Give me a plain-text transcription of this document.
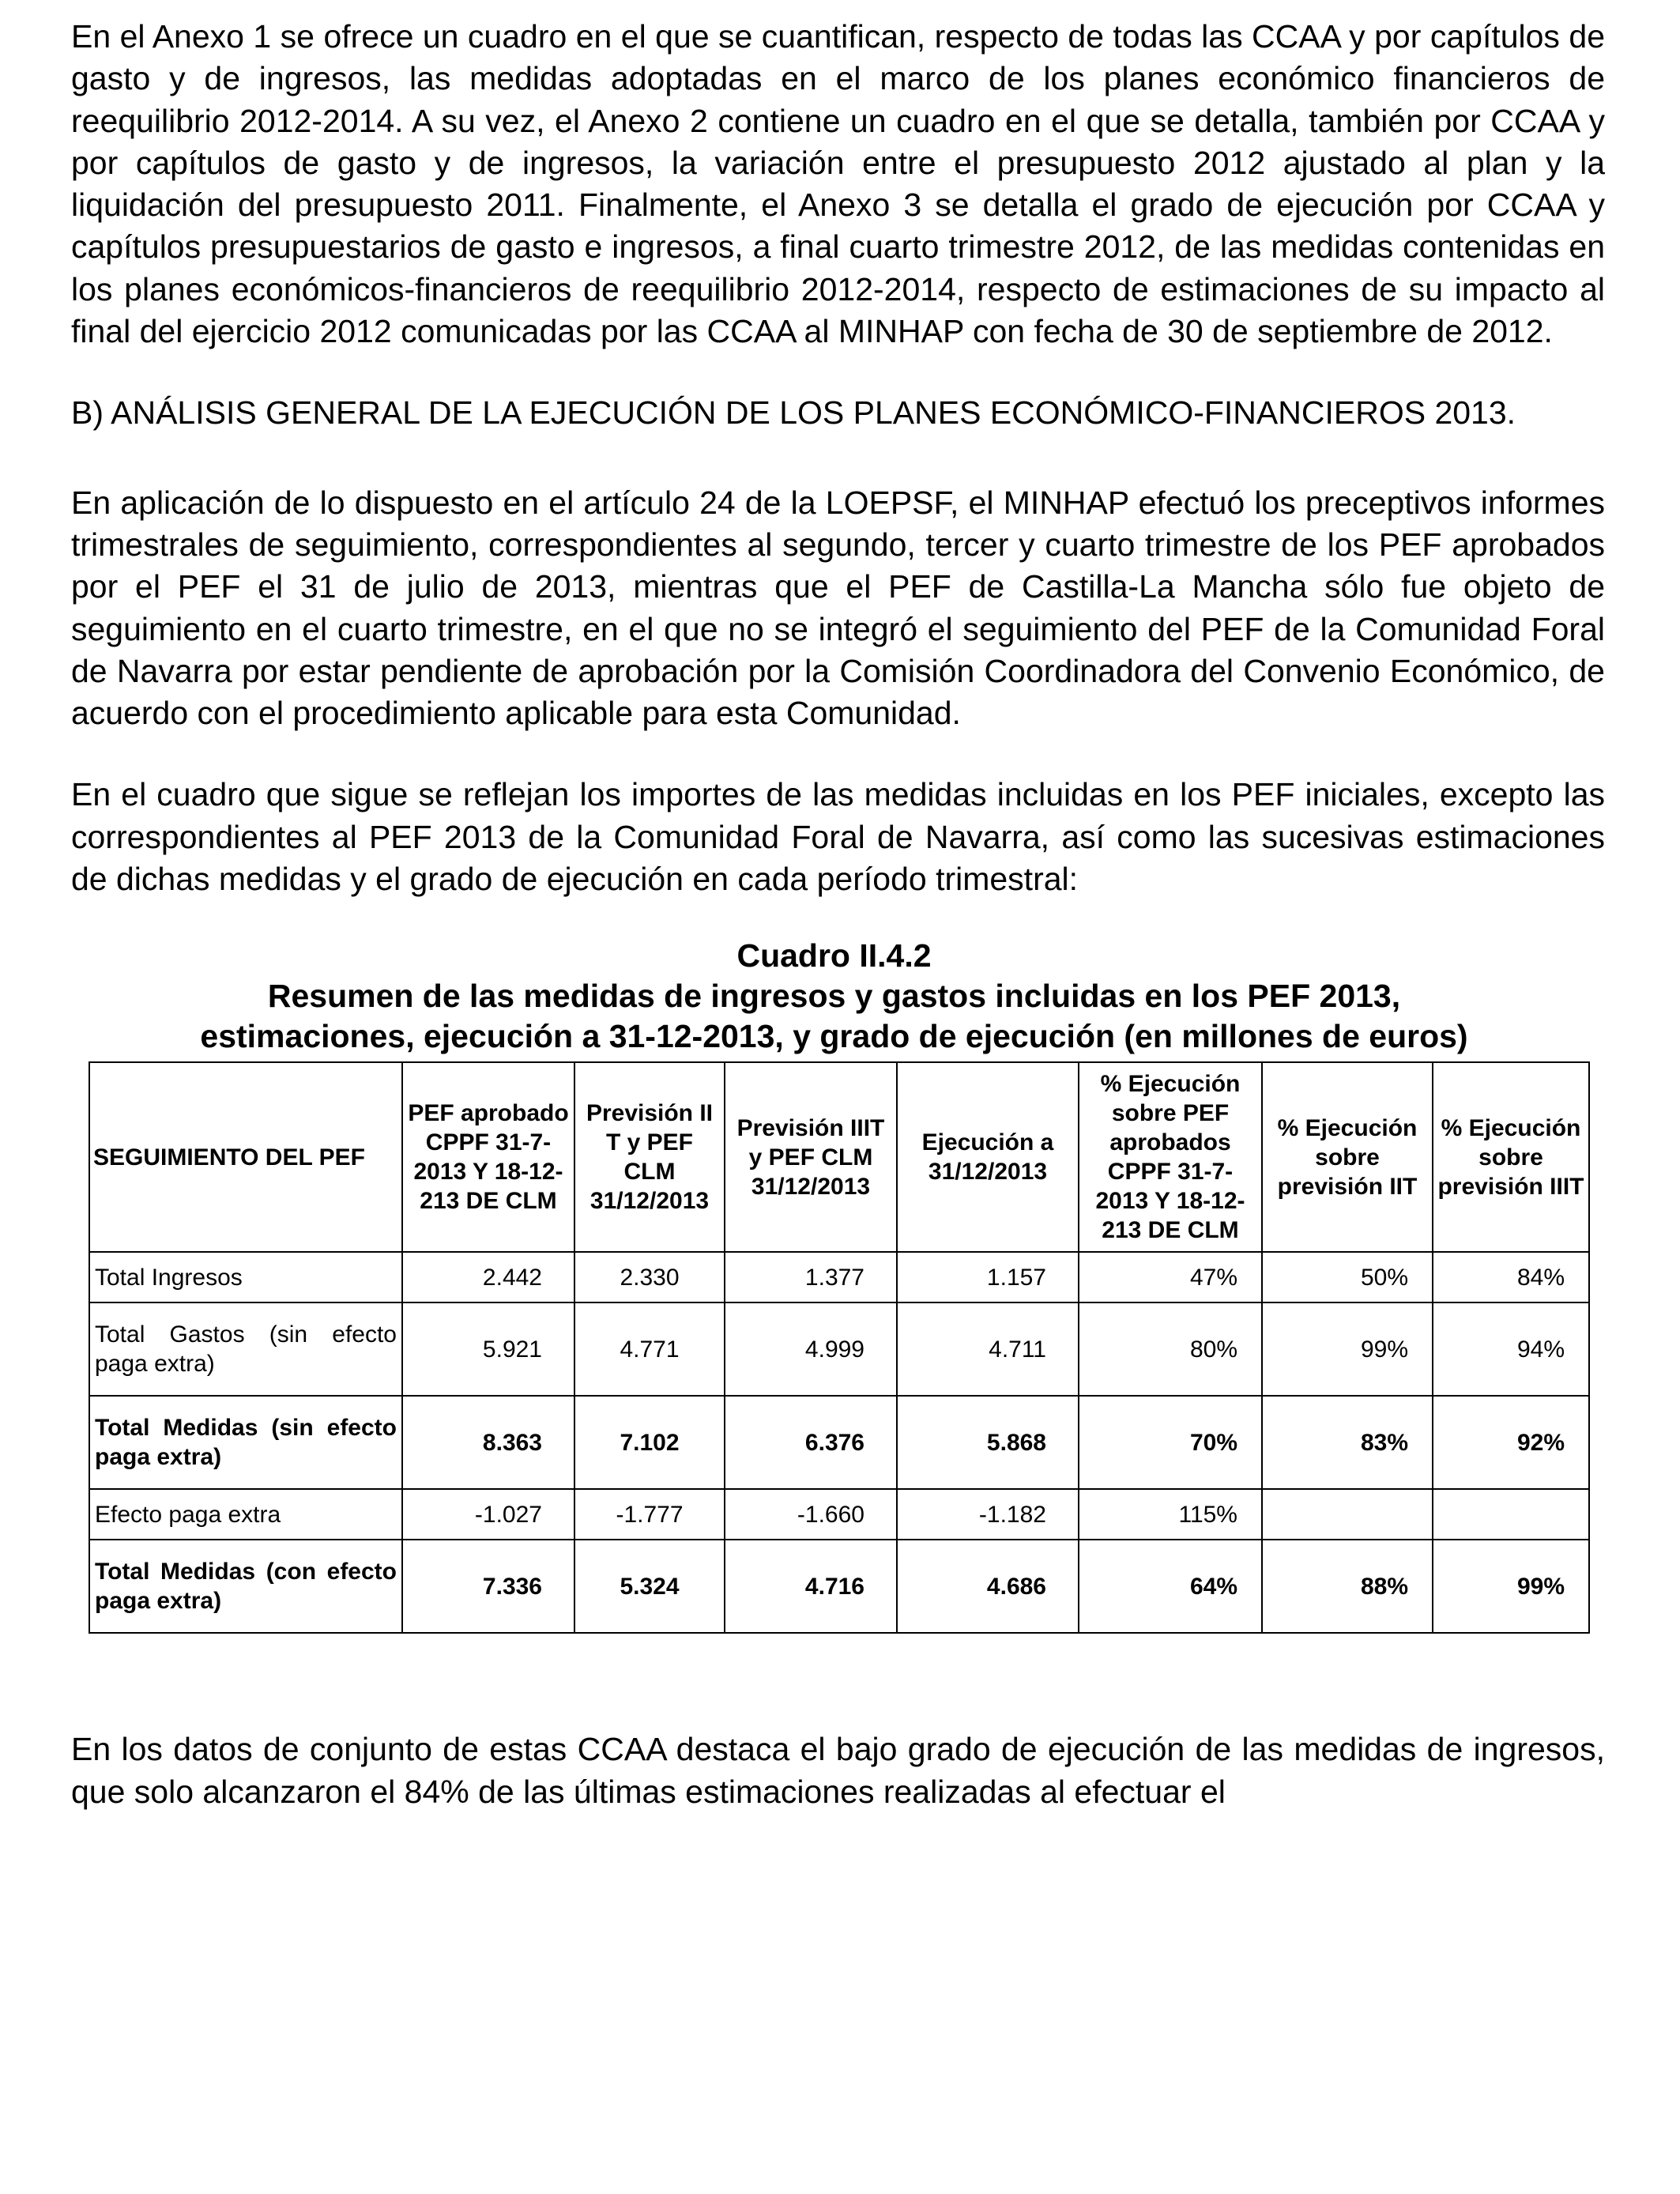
En el Anexo 1 se ofrece un cuadro en el que se cuantifican, respecto de todas las CCAA y por capítulos de gasto y de ingresos, las medidas adoptadas en el marco de los planes económico financieros de reequilibrio 2012-2014. A su vez, el Anexo 2 contiene un cuadro en el que se detalla, también por CCAA y por capítulos de gasto y de ingresos, la variación entre el presupuesto 2012 ajustado al plan y la liquidación del presupuesto 2011. Finalmente, el Anexo 3 se detalla el grado de ejecución por CCAA y capítulos presupuestarios de gasto e ingresos, a final cuarto trimestre 2012, de las medidas contenidas en los planes económicos-financieros de reequilibrio 2012-2014, respecto de estimaciones de su impacto al final del ejercicio 2012 comunicadas por las CCAA al MINHAP con fecha de 30 de septiembre de 2012.

B) ANÁLISIS GENERAL DE LA EJECUCIÓN DE LOS PLANES ECONÓMICO-FINANCIEROS 2013.

En aplicación de lo dispuesto en el artículo 24 de la LOEPSF, el MINHAP efectuó los preceptivos informes trimestrales de seguimiento, correspondientes al segundo, tercer y cuarto trimestre de los PEF aprobados por el PEF el 31 de julio de 2013, mientras que el PEF de Castilla-La Mancha sólo fue objeto de seguimiento en el cuarto trimestre, en el que no se integró el seguimiento del PEF de la Comunidad Foral de Navarra por estar pendiente de aprobación por la Comisión Coordinadora del Convenio Económico, de acuerdo con el procedimiento aplicable para esta Comunidad.

En el cuadro que sigue se reflejan los importes de las medidas incluidas en los PEF iniciales, excepto las correspondientes al PEF 2013 de la Comunidad Foral de Navarra, así como las sucesivas estimaciones de dichas medidas y el grado de ejecución en cada período trimestral:

Cuadro II.4.2
Resumen de las medidas de ingresos y gastos incluidas en los PEF 2013,
estimaciones, ejecución a 31-12-2013, y grado de ejecución (en millones de euros)
SEGUIMIENTO DEL PEF	PEF aprobado CPPF 31-7-2013 Y 18-12-213 DE CLM	Previsión II T y PEF CLM 31/12/2013	Previsión IIIT y PEF CLM 31/12/2013	Ejecución a 31/12/2013	% Ejecución sobre PEF aprobados CPPF 31-7-2013 Y 18-12-213 DE CLM	% Ejecución sobre previsión IIT	% Ejecución sobre previsión IIIT
Total Ingresos	2.442	2.330	1.377	1.157	47%	50%	84%
Total Gastos (sin efecto paga extra)	5.921	4.771	4.999	4.711	80%	99%	94%
Total Medidas (sin efecto paga extra)	8.363	7.102	6.376	5.868	70%	83%	92%
Efecto paga extra	-1.027	-1.777	-1.660	-1.182	115%		
Total Medidas (con efecto paga extra)	7.336	5.324	4.716	4.686	64%	88%	99%

En los datos de conjunto de estas CCAA destaca el bajo grado de ejecución de las medidas de ingresos, que solo alcanzaron el 84% de las últimas estimaciones realizadas al efectuar el
